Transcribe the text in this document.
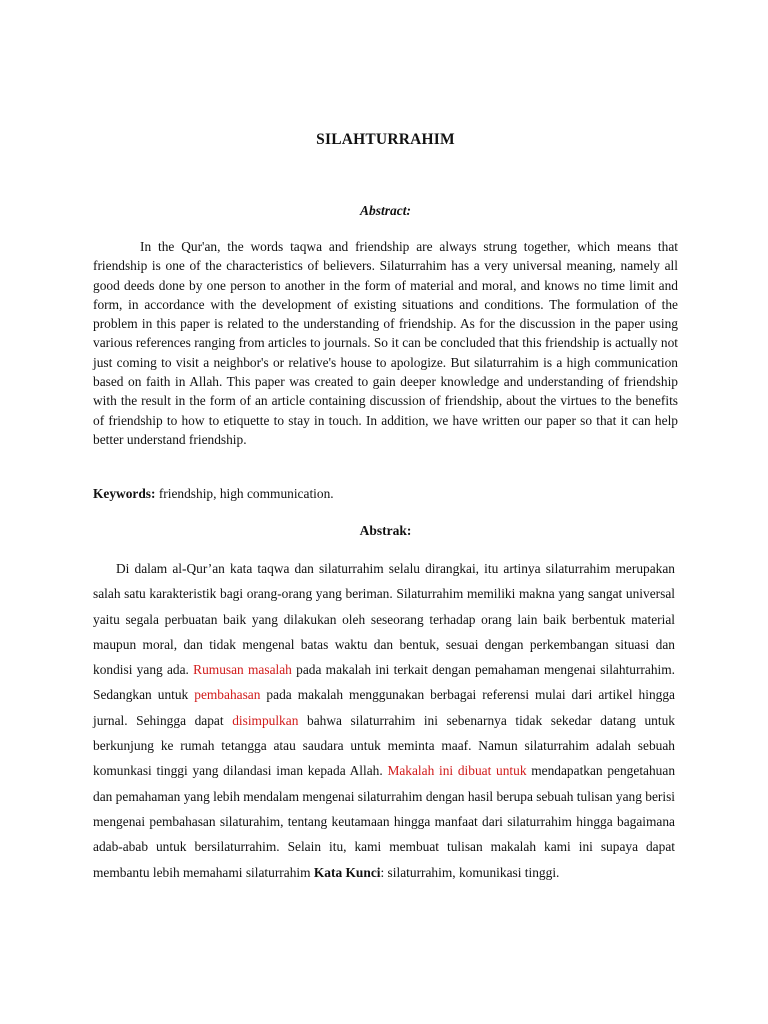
SILAHTURRAHIM
Abstract:

In the Qur'an, the words taqwa and friendship are always strung together, which means that friendship is one of the characteristics of believers. Silaturrahim has a very universal meaning, namely all good deeds done by one person to another in the form of material and moral, and knows no time limit and form, in accordance with the development of existing situations and conditions. The formulation of the problem in this paper is related to the understanding of friendship. As for the discussion in the paper using various references ranging from articles to journals. So it can be concluded that this friendship is actually not just coming to visit a neighbor's or relative's house to apologize. But silaturrahim is a high communication based on faith in Allah. This paper was created to gain deeper knowledge and understanding of friendship with the result in the form of an article containing discussion of friendship, about the virtues to the benefits of friendship to how to etiquette to stay in touch. In addition, we have written our paper so that it can help better understand friendship.

Keywords: friendship, high communication.

Abstrak:

Di dalam al-Qur’an kata taqwa dan silaturrahim selalu dirangkai, itu artinya silaturrahim merupakan salah satu karakteristik bagi orang-orang yang beriman. Silaturrahim memiliki makna yang sangat universal yaitu segala perbuatan baik yang dilakukan oleh seseorang terhadap orang lain baik berbentuk material maupun moral, dan tidak mengenal batas waktu dan bentuk, sesuai dengan perkembangan situasi dan kondisi yang ada. Rumusan masalah pada makalah ini terkait dengan pemahaman mengenai silahturrahim. Sedangkan untuk pembahasan pada makalah menggunakan berbagai referensi mulai dari artikel hingga jurnal. Sehingga dapat disimpulkan bahwa silaturrahim ini sebenarnya tidak sekedar datang untuk berkunjung ke rumah tetangga atau saudara untuk meminta maaf. Namun silaturrahim adalah sebuah komunkasi tinggi yang dilandasi iman kepada Allah. Makalah ini dibuat untuk mendapatkan pengetahuan dan pemahaman yang lebih mendalam mengenai silaturrahim dengan hasil berupa sebuah tulisan yang berisi mengenai pembahasan silaturahim, tentang keutamaan hingga manfaat dari silaturrahim hingga bagaimana adab-abab untuk bersilaturrahim. Selain itu, kami membuat tulisan makalah kami ini supaya dapat membantu lebih memahami silaturrahim Kata Kunci: silaturrahim, komunikasi tinggi.
